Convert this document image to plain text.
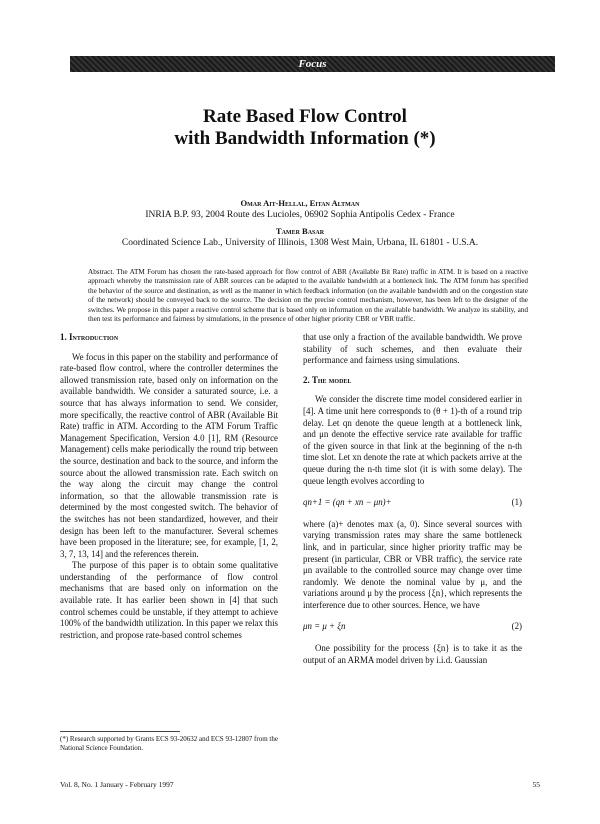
Focus
Rate Based Flow Control
with Bandwidth Information (*)
Omar Ait-Hellal, Eitan Altman
INRIA B.P. 93, 2004 Route des Lucioles, 06902 Sophia Antipolis Cedex - France
Tamer Basar
Coordinated Science Lab., University of Illinois, 1308 West Main, Urbana, IL 61801 - U.S.A.
Abstract. The ATM Forum has chosen the rate-based approach for flow control of ABR (Available Bit Rate) traffic in ATM. It is based on a reactive approach whereby the transmission rate of ABR sources can be adapted to the available bandwidth at a bottleneck link. The ATM forum has specified the behavior of the source and destination, as well as the manner in which feedback information (on the available bandwidth and on the congestion state of the network) should be conveyed back to the source. The decision on the precise control mechanism, however, has been left to the designer of the switches. We propose in this paper a reactive control scheme that is based only on information on the available bandwidth. We analyze its stability, and then test its performance and fairness by simulations, in the presence of other higher priority CBR or VBR traffic.
1. Introduction

We focus in this paper on the stability and performance of rate-based flow control, where the controller determines the allowed transmission rate, based only on information on the available bandwidth. We consider a saturated source, i.e. a source that has always information to send. We consider, more specifically, the reactive control of ABR (Available Bit Rate) traffic in ATM. According to the ATM Forum Traffic Management Specification, Version 4.0 [1], RM (Resource Management) cells make periodically the round trip between the source, destination and back to the source, and inform the source about the allowed transmission rate. Each switch on the way along the circuit may change the control information, so that the allowable transmission rate is determined by the most congested switch. The behavior of the switches has not been standardized, however, and their design has been left to the manufacturer. Several schemes have been proposed in the literature; see, for example, [1, 2, 3, 7, 13, 14] and the references therein.

The purpose of this paper is to obtain some qualitative understanding of the performance of flow control mechanisms that are based only on information on the available rate. It has earlier been shown in [4] that such control schemes could be unstable, if they attempt to achieve 100% of the bandwidth utilization. In this paper we relax this restriction, and propose rate-based control schemes

that use only a fraction of the available bandwidth. We prove stability of such schemes, and then evaluate their performance and fairness using simulations.

2. The model

We consider the discrete time model considered earlier in [4]. A time unit here corresponds to (θ + 1)-th of a round trip delay. Let qn denote the queue length at a bottleneck link, and μn denote the effective service rate available for traffic of the given source in that link at the beginning of the n-th time slot. Let xn denote the rate at which packets arrive at the queue during the n-th time slot (it is with some delay). The queue length evolves according to

qn+1 = (qn + xn − μn)+	(1)

where (a)+ denotes max (a, 0). Since several sources with varying transmission rates may share the same bottleneck link, and in particular, since higher priority traffic may be present (in particular, CBR or VBR traffic), the service rate μn available to the controlled source may change over time randomly. We denote the nominal value by μ, and the variations around μ by the process {ξn}, which represents the interference due to other sources. Hence, we have

μn = μ + ξn	(2)

One possibility for the process {ξn} is to take it as the output of an ARMA model driven by i.i.d. Gaussian

(*) Research supported by Grants ECS 93-20632 and ECS 93-12807 from the National Science Foundation.
Vol. 8, No. 1 January - February 1997	55
